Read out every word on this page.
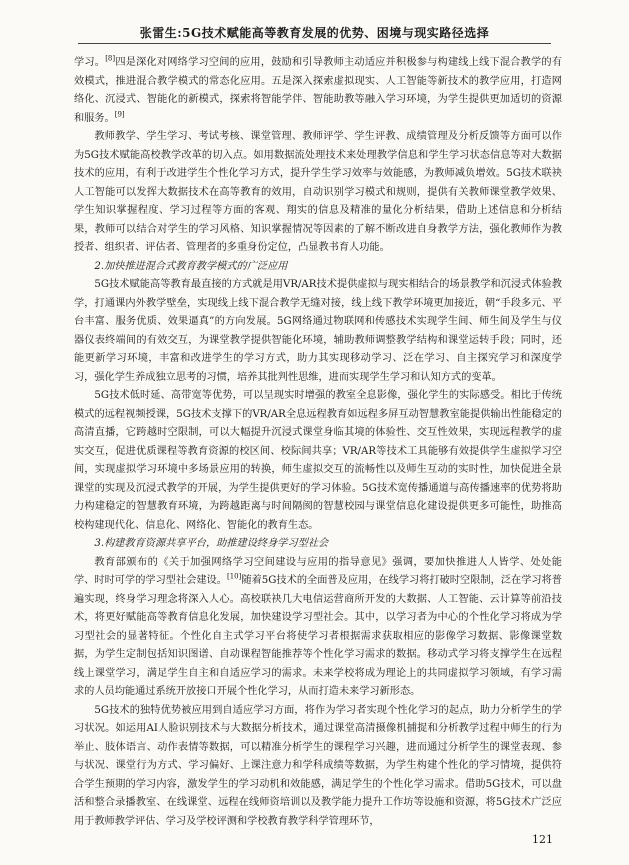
张雷生:5G技术赋能高等教育发展的优势、困境与现实路径选择

学习。[8]四是深化对网络学习空间的应用，鼓励和引导教师主动适应并积极参与构建线上线下混合教学的有效模式，推进混合教学模式的常态化应用。五是深入探索虚拟现实、人工智能等新技术的教学应用，打造网络化、沉浸式、智能化的新模式，探索将智能学伴、智能助教等融入学习环境，为学生提供更加适切的资源和服务。[9]

教师教学、学生学习、考试考核、课堂管理、教师评学、学生评教、成绩管理及分析反馈等方面可以作为5G技术赋能高校教学改革的切入点。如用数据流处理技术来处理教学信息和学生学习状态信息等对大数据技术的应用，有利于改进学生个性化学习方式，提升学生学习效率与效能感，为教师减负增效。5G技术联袂人工智能可以发挥大数据技术在高等教育的效用，自动识别学习模式和规则，提供有关教师课堂教学效果、学生知识掌握程度、学习过程等方面的客观、翔实的信息及精准的量化分析结果，借助上述信息和分析结果，教师可以结合对学生的学习风格、知识掌握情况等因素的了解不断改进自身教学方法，强化教师作为教授者、组织者、评估者、管理者的多重身份定位，凸显教书育人功能。

2.加快推进混合式教育教学模式的广泛应用

5G技术赋能高等教育最直接的方式就是用VR/AR技术提供虚拟与现实相结合的场景教学和沉浸式体验教学，打通课内外教学壁垒，实现线上线下混合教学无缝对接，线上线下教学环境更加接近，朝“手段多元、平台丰富、服务优质、效果逼真”的方向发展。5G网络通过物联网和传感技术实现学生间、师生间及学生与仪器仪表终端间的有效交互，为课堂教学提供智能化环境，辅助教师调整教学结构和课堂运转手段；同时，还能更新学习环境，丰富和改进学生的学习方式，助力其实现移动学习、泛在学习、自主探究学习和深度学习，强化学生养成独立思考的习惯，培养其批判性思维，进而实现学生学习和认知方式的变革。

5G技术低时延、高带宽等优势，可以呈现实时增强的教室全息影像，强化学生的实际感受。相比于传统模式的远程视频授课，5G技术支撑下的VR/AR全息远程教育如远程多屏互动智慧教室能提供输出性能稳定的高清直播，它跨越时空限制，可以大幅提升沉浸式课堂身临其境的体验性、交互性效果，实现远程教学的虚实交互，促进优质课程等教育资源的校区间、校际间共享；VR/AR等技术工具能够有效提供学生虚拟学习空间，实现虚拟学习环境中多场景应用的转换，师生虚拟交互的流畅性以及师生互动的实时性，加快促进全景课堂的实现及沉浸式教学的开展，为学生提供更好的学习体验。5G技术宽传播通道与高传播速率的优势将助力构建稳定的智慧教育环境，为跨越距离与时间隔阂的智慧校园与课堂信息化建设提供更多可能性，助推高校构建现代化、信息化、网络化、智能化的教育生态。

3.构建教育资源共享平台，助推建设终身学习型社会

教育部颁布的《关于加强网络学习空间建设与应用的指导意见》强调，要加快推进人人皆学、处处能学、时时可学的学习型社会建设。[10]随着5G技术的全面普及应用，在线学习将打破时空限制，泛在学习将普遍实现，终身学习理念将深入人心。高校联袂几大电信运营商所开发的大数据、人工智能、云计算等前沿技术，将更好赋能高等教育信息化发展，加快建设学习型社会。其中，以学习者为中心的个性化学习将成为学习型社会的显著特征。个性化自主式学习平台将使学习者根据需求获取相应的影像学习数据、影像课堂数据，为学生定制包括知识图谱、自动课程智能推荐等个性化学习需求的数据。移动式学习将支撑学生在远程线上课堂学习，满足学生自主和自适应学习的需求。未来学校将成为理论上的共同虚拟学习领域，有学习需求的人员均能通过系统开放接口开展个性化学习，从而打造未来学习新形态。

5G技术的独特优势被应用到自适应学习方面，将作为学习者实现个性化学习的起点，助力分析学生的学习状况。如运用AI人脸识别技术与大数据分析技术，通过课堂高清摄像机捕捉和分析教学过程中师生的行为举止、肢体语言、动作表情等数据，可以精准分析学生的课程学习兴趣，进而通过分析学生的课堂表现、参与状况、课堂行为方式、学习偏好、上课注意力和学科成绩等数据，为学生构建个性化的学习情境，提供符合学生预期的学习内容，激发学生的学习动机和效能感，满足学生的个性化学习需求。借助5G技术，可以盘活和整合录播教室、在线课堂、远程在线师资培训以及教学能力提升工作坊等设施和资源，将5G技术广泛应用于教师教学评估、学习及学校评测和学校教育教学科学管理环节，

121
